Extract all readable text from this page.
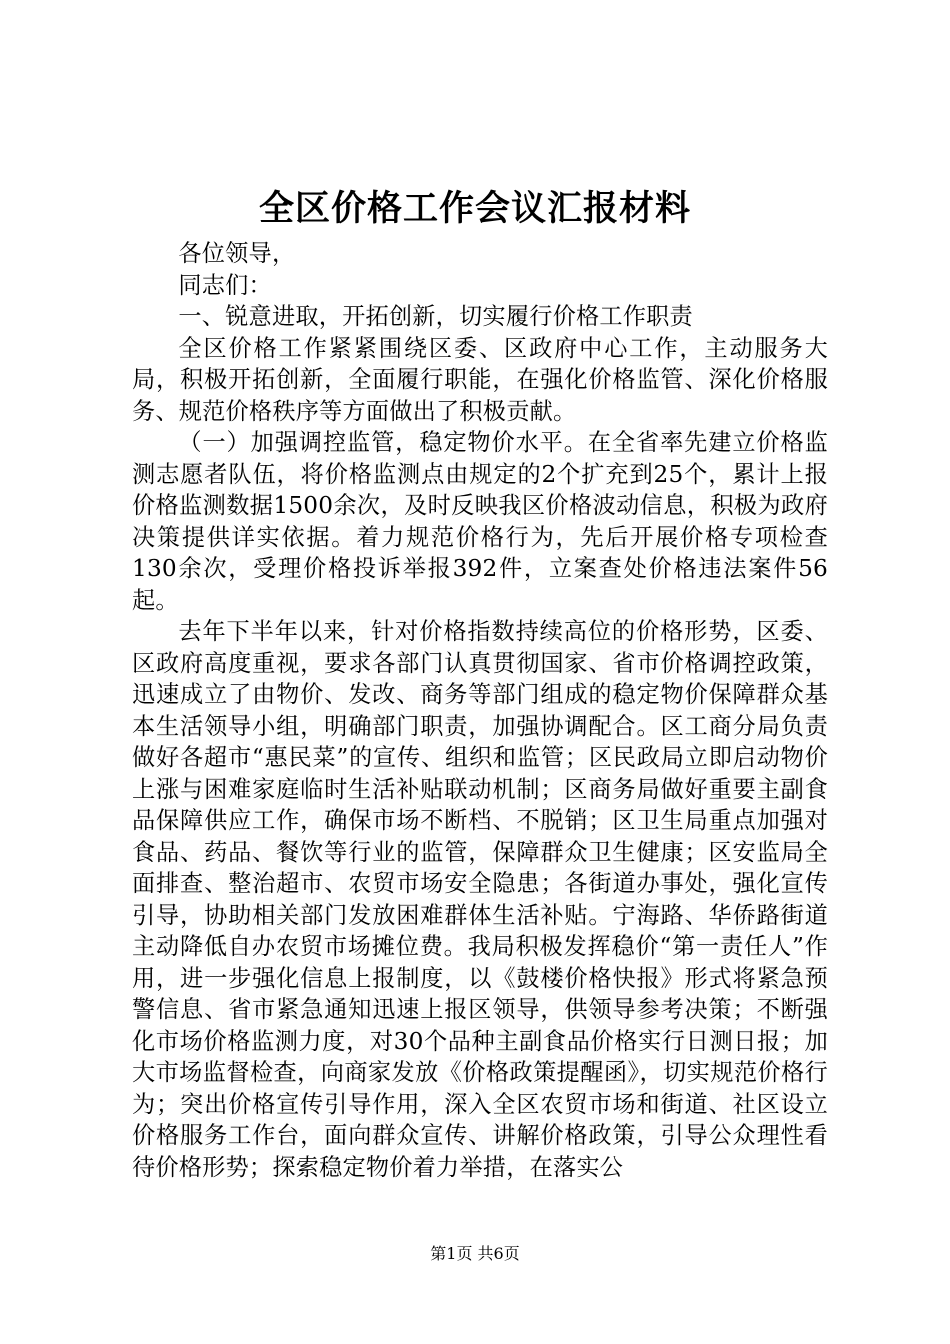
全区价格工作会议汇报材料

各位领导，

同志们：

一、锐意进取，开拓创新，切实履行价格工作职责

全区价格工作紧紧围绕区委、区政府中心工作，主动服务大局，积极开拓创新，全面履行职能，在强化价格监管、深化价格服务、规范价格秩序等方面做出了积极贡献。

（一）加强调控监管，稳定物价水平。在全省率先建立价格监测志愿者队伍，将价格监测点由规定的2个扩充到25个，累计上报价格监测数据1500余次，及时反映我区价格波动信息，积极为政府决策提供详实依据。着力规范价格行为，先后开展价格专项检查130余次，受理价格投诉举报392件，立案查处价格违法案件56起。

去年下半年以来，针对价格指数持续高位的价格形势，区委、区政府高度重视，要求各部门认真贯彻国家、省市价格调控政策，迅速成立了由物价、发改、商务等部门组成的稳定物价保障群众基本生活领导小组，明确部门职责，加强协调配合。区工商分局负责做好各超市“惠民菜”的宣传、组织和监管；区民政局立即启动物价上涨与困难家庭临时生活补贴联动机制；区商务局做好重要主副食品保障供应工作，确保市场不断档、不脱销；区卫生局重点加强对食品、药品、餐饮等行业的监管，保障群众卫生健康；区安监局全面排查、整治超市、农贸市场安全隐患；各街道办事处，强化宣传引导，协助相关部门发放困难群体生活补贴。宁海路、华侨路街道主动降低自办农贸市场摊位费。我局积极发挥稳价“第一责任人”作用，进一步强化信息上报制度，以《鼓楼价格快报》形式将紧急预警信息、省市紧急通知迅速上报区领导，供领导参考决策；不断强化市场价格监测力度，对30个品种主副食品价格实行日测日报；加大市场监督检查，向商家发放《价格政策提醒函》，切实规范价格行为；突出价格宣传引导作用，深入全区农贸市场和街道、社区设立价格服务工作台，面向群众宣传、讲解价格政策，引导公众理性看待价格形势；探索稳定物价着力举措，在落实公

第1页 共6页
